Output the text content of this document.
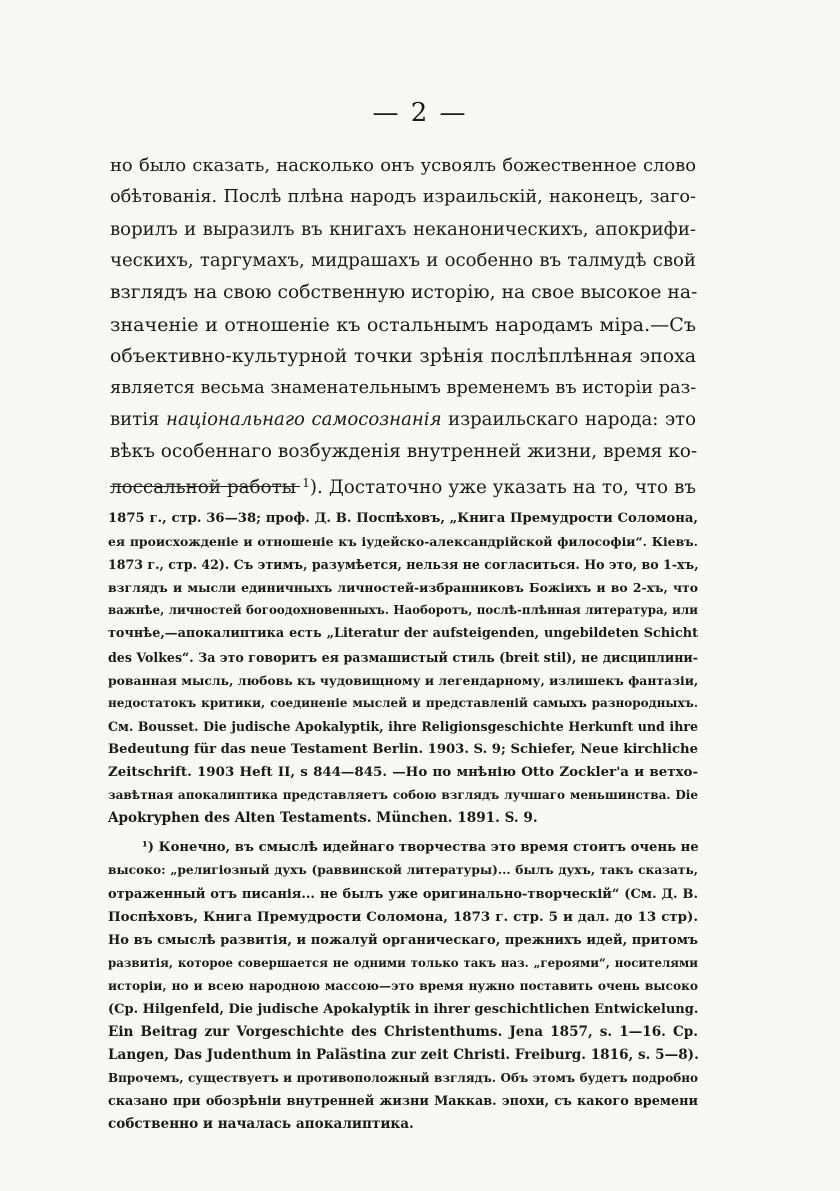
— 2 —
но было сказать, насколько онъ усвоялъ божественное слово
обѣтованія. Послѣ плѣна народъ израильскій, наконецъ, заго-
ворилъ и выразилъ въ книгахъ неканоническихъ, апокрифи-
ческихъ, таргумахъ, мидрашахъ и особенно въ талмудѣ свой
взглядъ на свою собственную исторію, на свое высокое на-
значеніе и отношеніе къ остальнымъ народамъ міра.—Съ
объективно-культурной точки зрѣнія послѣплѣнная эпоха
является весьма знаменательнымъ временемъ въ исторіи раз-
витія національнаго самосознанія израильскаго народа: это
вѣкъ особеннаго возбужденія внутренней жизни, время ко-
лоссальной работы $^1$). Достаточно уже указать на то, что въ
1875 г., стр. 36—38; проф. Д. В. Поспѣховъ, „Книга Премудрости Соломона,
ея происхожденіе и отношеніе къ іудейско-александрійской философіи“. Кіевъ.
1873 г., стр. 42). Съ этимъ, разумѣется, нельзя не согласиться. Но это, во 1-хъ,
взглядъ и мысли единичныхъ личностей-избранниковъ Божіихъ и во 2-хъ, что
важнѣе, личностей богоодохновенныхъ. Наоборотъ, послѣ-плѣнная литература, или
точнѣе,—апокалиптика есть „Literatur der aufsteigenden, ungebildeten Schicht
des Volkes“. За это говоритъ ея размашистый стиль (breit stil), не дисциплини-
рованная мысль, любовь къ чудовищному и легендарному, излишекъ фантазіи,
недостатокъ критики, соединеніе мыслей и представленій самыхъ разнородныхъ.
См. Bousset. Die judische Apokalyptik, ihre Religionsgeschichte Herkunft und ihre
Bedeutung für das neue Testament Berlin. 1903. S. 9; Schiefer, Neue kirchliche
Zeitschrift. 1903 Heft II, s 844—845. —Но по мнѣнію Otto Zockler'a и ветхо-
завѣтная апокалиптика представляетъ собою взглядъ лучшаго меньшинства. Die
Apokryphen des Alten Testaments. München. 1891. S. 9.
¹) Конечно, въ смыслѣ идейнаго творчества это время стоитъ очень не
высоко: „религіозный духъ (раввинской литературы)... былъ духъ, такъ сказать,
отраженный отъ писанія... не былъ уже оригинально-творческій“ (См. Д. В.
Поспѣховъ, Книга Премудрости Соломона, 1873 г. стр. 5 и дал. до 13 стр).
Но въ смыслѣ развитія, и пожалуй органическаго, прежнихъ идей, притомъ
развитія, которое совершается не одними только такъ наз. „героями“, носителями
исторіи, но и всею народною массою—это время нужно поставить очень высоко
(Ср. Hilgenfeld, Die judische Apokalyptik in ihrer geschichtlichen Entwickelung.
Ein Beitrag zur Vorgeschichte des Christenthums. Jena 1857, s. 1—16. Ср.
Langen, Das Judenthum in Palästina zur zeit Christi. Freiburg. 1816, s. 5—8).
Впрочемъ, существуетъ и противоположный взглядъ. Объ этомъ будетъ подробно
сказано при обозрѣніи внутренней жизни Маккав. эпохи, съ какого времени
собственно и началась апокалиптика.
